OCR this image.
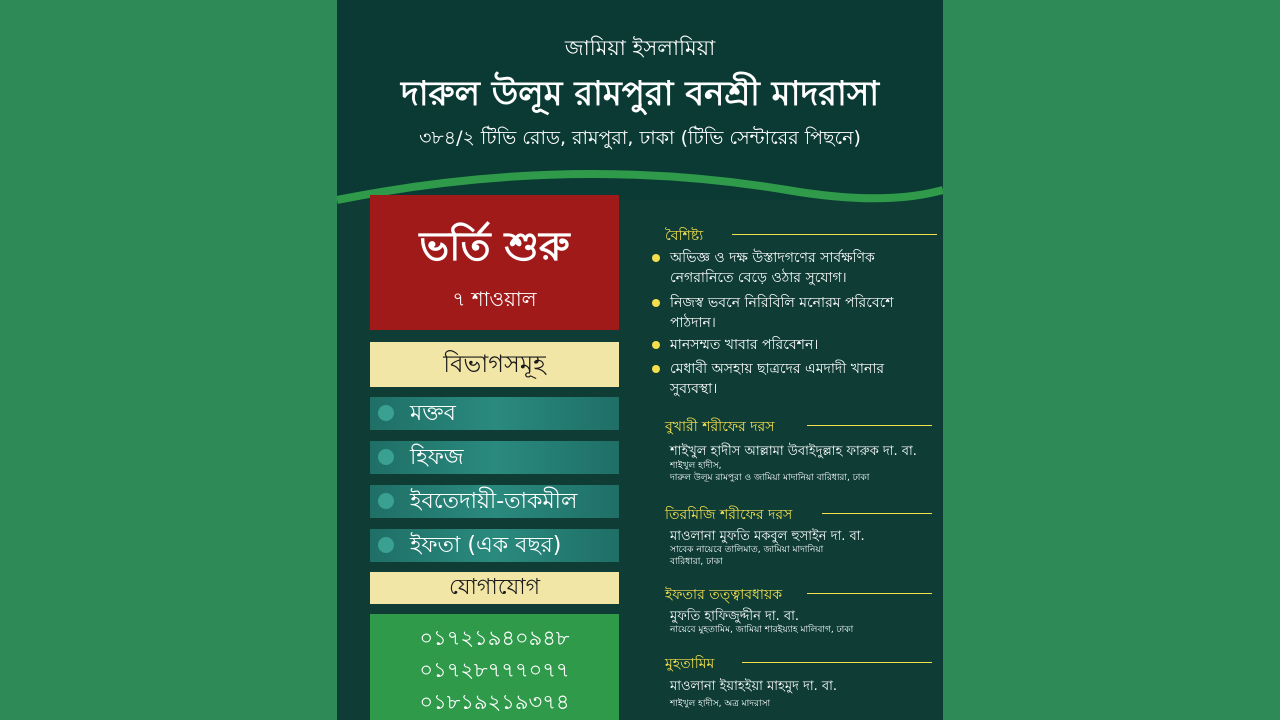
জামিয়া ইসলামিয়া
দারুল উলূম রামপুরা বনশ্রী মাদরাসা
৩৮৪/২ টিভি রোড, রামপুরা, ঢাকা (টিভি সেন্টারের পিছনে)
ভর্তি শুরু
৭ শাওয়াল
বিভাগসমূহ
মক্তব
হিফজ
ইবতেদায়ী-তাকমীল
ইফতা (এক বছর)
যোগাযোগ
০১৭২১৯৪০৯৪৮
০১৭২৮৭৭৭০৭৭
০১৮১৯২১৯৩৭৪
বৈশিষ্ট্য
অভিজ্ঞ ও দক্ষ উস্তাদগণের সার্বক্ষণিক নেগরানিতে বেড়ে ওঠার সুযোগ।
নিজস্ব ভবনে নিরিবিলি মনোরম পরিবেশে পাঠদান।
মানসম্মত খাবার পরিবেশন।
মেধাবী অসহায় ছাত্রদের এমদাদী খানার সুব্যবস্থা।
বুখারী শরীফের দরস
শাইখুল হাদীস আল্লামা উবাইদুল্লাহ ফারুক দা. বা.
শাইখুল হাদীস,
দারুল উলূম রামপুরা ও জামিয়া মাদানিয়া বারিধারা, ঢাকা
তিরমিজি শরীফের দরস
মাওলানা মুফতি মকবুল হুসাইন দা. বা.
সাবেক নায়েবে তালিমাত, জামিয়া মাদানিয়া
বারিধারা, ঢাকা
ইফতার তত্ত্বাবধায়ক
মুফতি হাফিজুদ্দীন দা. বা.
নায়েবে মুহতামিম, জামিয়া শারইয়্যাহ মালিবাগ, ঢাকা
মুহতামিম
মাওলানা ইয়াহইয়া মাহমুদ দা. বা.
শাইখুল হাদীস, অত্র মাদরাসা
